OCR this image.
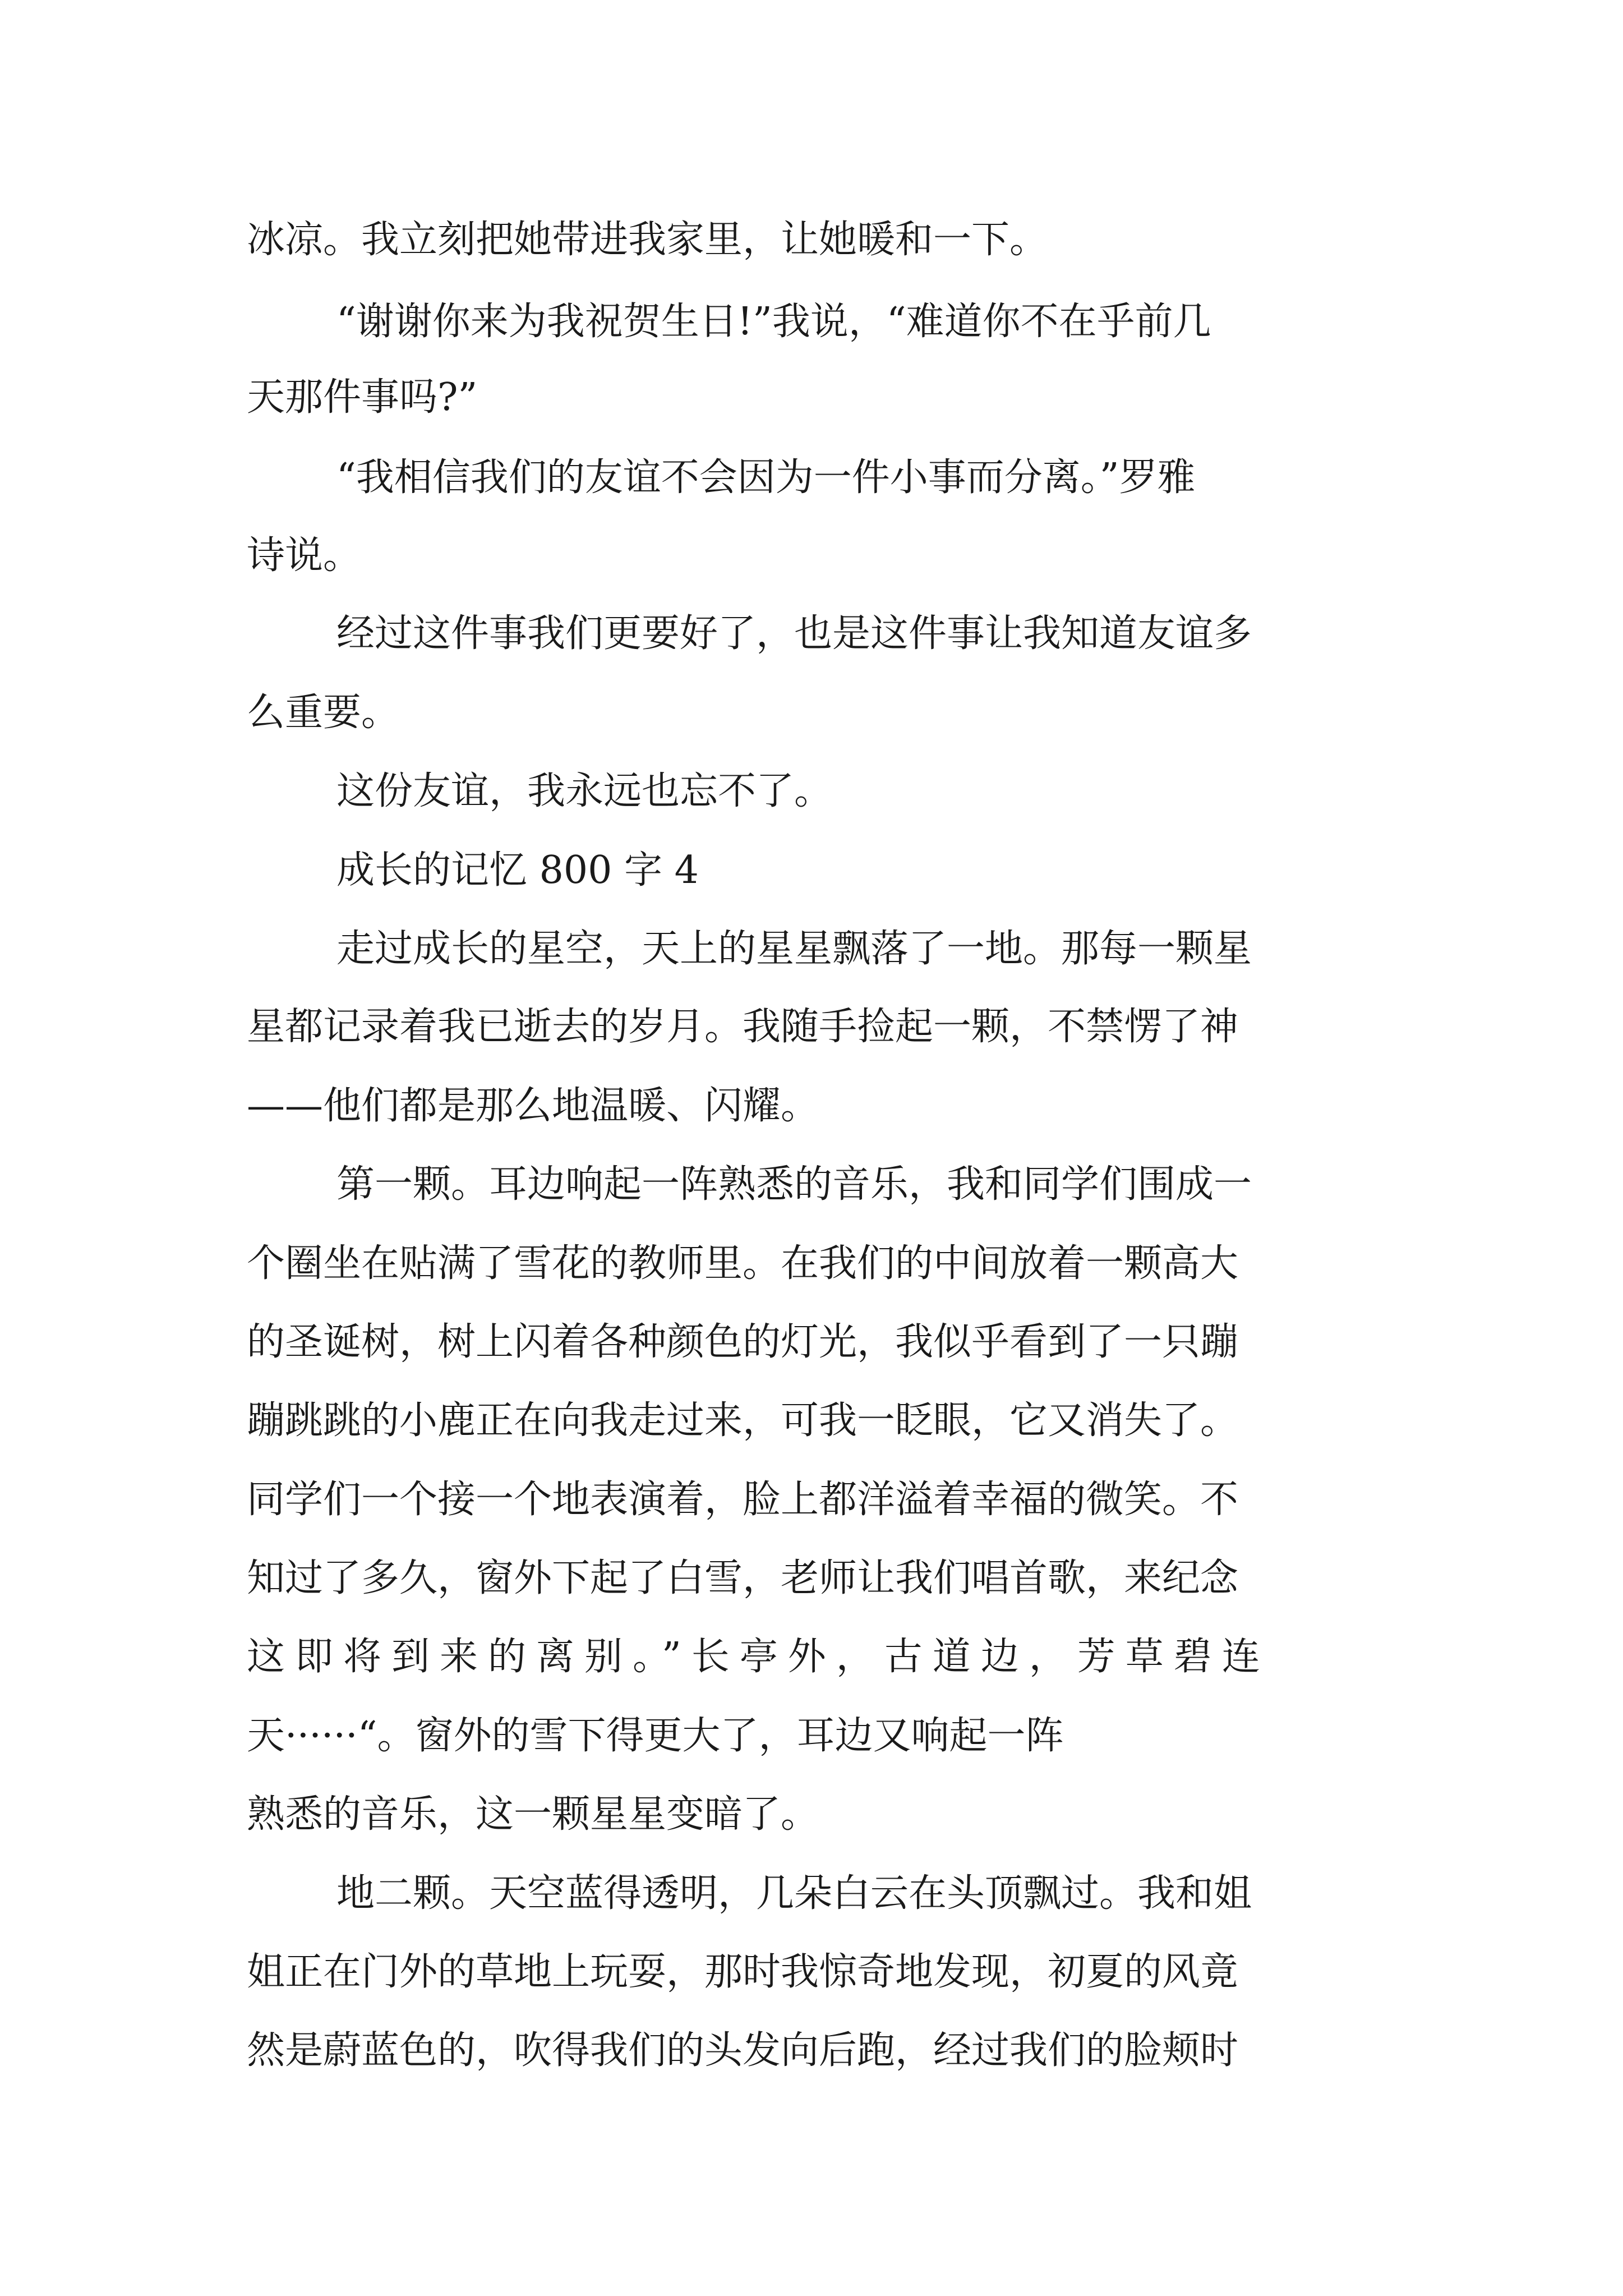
冰凉。我立刻把她带进我家里，让她暖和一下。
“谢谢你来为我祝贺生日!”我说，“难道你不在乎前几
天那件事吗?”
“我相信我们的友谊不会因为一件小事而分离。”罗雅
诗说。
经过这件事我们更要好了，也是这件事让我知道友谊多
么重要。
这份友谊，我永远也忘不了。
成长的记忆 800 字 4
走过成长的星空，天上的星星飘落了一地。那每一颗星
星都记录着我已逝去的岁月。我随手捡起一颗，不禁愣了神
——他们都是那么地温暖、闪耀。
第一颗。耳边响起一阵熟悉的音乐，我和同学们围成一
个圈坐在贴满了雪花的教师里。在我们的中间放着一颗高大
的圣诞树，树上闪着各种颜色的灯光，我似乎看到了一只蹦
蹦跳跳的小鹿正在向我走过来，可我一眨眼，它又消失了。
同学们一个接一个地表演着，脸上都洋溢着幸福的微笑。不
知过了多久，窗外下起了白雪，老师让我们唱首歌，来纪念
这即将到来的离别。”长亭外，古道边，芳草碧连
天······“。窗外的雪下得更大了，耳边又响起一阵
熟悉的音乐，这一颗星星变暗了。
地二颗。天空蓝得透明，几朵白云在头顶飘过。我和姐
姐正在门外的草地上玩耍，那时我惊奇地发现，初夏的风竟
然是蔚蓝色的，吹得我们的头发向后跑，经过我们的脸颊时
